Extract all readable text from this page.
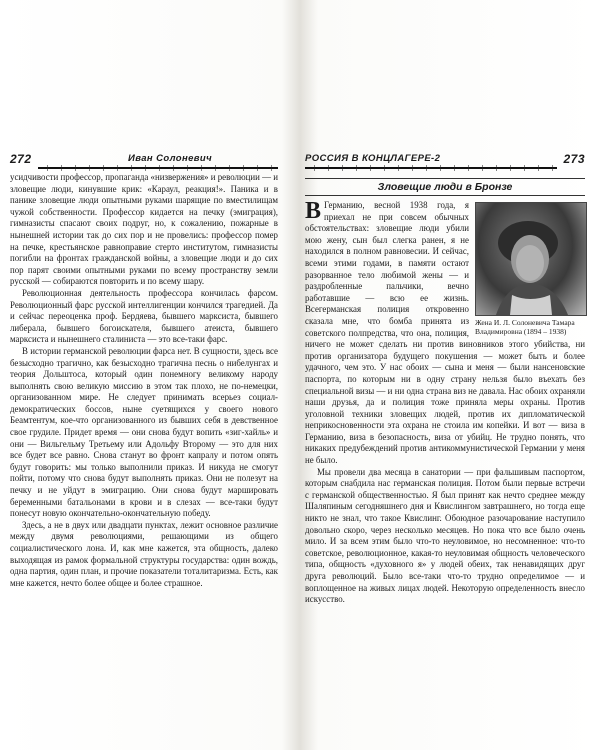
272	Иван Солоневич

усидчивости профессор, пропаганда «низвержения» и революции — и зловещие люди, кинувшие крик: «Караул, реакция!». Паника и в панике зловещие люди опытными руками шарящие по вместилищам чужой собственности. Профессор кидается на печку (эмиграция), гимназисты спасают своих подруг, но, к сожалению, пожарные в нынешней истории так до сих пор и не провелись: профессор помер на печке, крестьянское равноправие стерто институтом, гимназисты погибли на фронтах гражданской войны, а зловещие люди и до сих пор парят своими опытными руками по всему пространству земли русской — собираются повторить и по всему шару.

Революционная деятельность профессора кончилась фарсом. Революционный фарс русской интеллигенции кончился трагедией. Да и сейчас переоценка проф. Бердяева, бывшего марксиста, бывшего либерала, бывшего богоискателя, бывшего атеиста, бывшего марксиста и нынешнего сталиниста — это все-таки фарс.

В истории германской революции фарса нет. В сущности, здесь все безысходно трагично, как безысходно трагична песнь о нибелунгах и теория Дольштоса, который один понемногу великому народу выполнять свою великую миссию в этом так плохо, не по-немецки, организованном мире. Не следует принимать всерьез социал-демократических боссов, ныне суетящихся у своего нового Беамтентум, кое-что организованного из бывших себя в девственное свое грудиле. Придет время — они снова будут вопить «зиг-хайль» и они — Вильгельму Третьему или Адольфу Второму — это для них все будет все равно. Снова станут во фронт капралу и потом опять будут говорить: мы только выполнили приказ. И никуда не смогут пойти, потому что снова будут выполнять приказ. Они не полезут на печку и не уйдут в эмиграцию. Они снова будут маршировать беременными батальонами в крови и в слезах — все-таки будут понесут новую окончательно-окончательную победу.

Здесь, а не в двух или двадцати пунктах, лежит основное различие между двумя революциями, решающими из общего социалистического лона. И, как мне кажется, эта общность, далеко выходящая из рамок формальной структуры государства: один вождь, одна партия, один план, и прочие показатели тоталитаризма. Есть, как мне кажется, нечто более общее и более страшное.

РОССИЯ В КОНЦЛАГЕРЕ-2	273
Зловещие люди в Бронзе
Жена И. Л. Солоневича Тамара Владимировна (1894 – 1938)

В Германию, весной 1938 года, я приехал не при совсем обычных обстоятельствах: зловещие люди убили мою жену, сын был слегка ранен, я не находился в полном равновесии. И сейчас, всеми этими годами, в памяти остают разорванное тело любимой жены — и раздробленные пальчики, вечно работавшие — всю ее жизнь. Всегерманская полиция откровенно сказала мне, что бомба принята из советского полпредства, что она, полиция, ничего не может сделать ни против виновников этого убийства, ни против организатора будущего покушения — может быть и более удачного, чем это. У нас обоих — сына и меня — были нансеновские паспорта, по которым ни в одну страну нельзя было въехать без специальной визы — и ни одна страна виз не давала. Нас обоих охраняли наши друзья, да и полиция тоже приняла меры охраны. Против уголовной техники зловещих людей, против их дипломатической неприкосновенности эта охрана не стоила им копейки. И вот — виза в Германию, виза в безопасность, виза от убийц. Не трудно понять, что никаких предубеждений против антикоммунистической Германии у меня не было.

Мы провели два месяца в санатории — при фальшивым паспортом, которым снабдила нас германская полиция. Потом были первые встречи с германской общественностью. Я был принят как нечто среднее между Шаляпиным сегодняшнего дня и Квислингом завтрашнего, но тогда еще никто не знал, что такое Квислинг. Обоюдное разочарование наступило довольно скоро, через несколько месяцев. Но пока что все было очень мило. И за всем этим было что-то неуловимое, но несомненное: что-то советское, революционное, какая-то неуловимая общность человеческого типа, общность «духовного я» у людей обеих, так ненавидящих друг друга революций. Было все-таки что-то трудно определимое — и воплощенное на живых лицах людей. Некоторую определенность внесло искусство.
